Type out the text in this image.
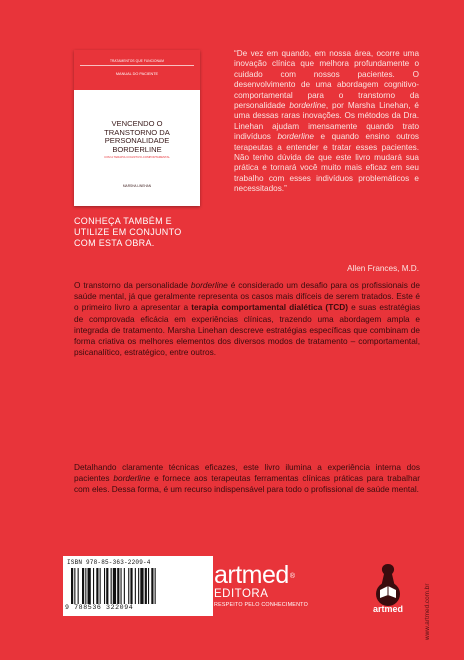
TRATAMENTOS QUE FUNCIONAM
MANUAL DO PACIENTE
VENCENDO O
TRANSTORNO DA
PERSONALIDADE
BORDERLINE
COM A TERAPIA COGNITIVO-COMPORTAMENTAL
MARSHA LINEHAN
CONHEÇA TAMBÉM E
UTILIZE EM CONJUNTO
COM ESTA OBRA.
“De vez em quando, em nossa área, ocorre uma inovação clínica que melhora profundamente o cuidado com nossos pacientes. O desenvolvimento de uma abordagem cognitivo-comportamental para o transtorno da personalidade borderline, por Marsha Linehan, é uma dessas raras inovações. Os métodos da Dra. Linehan ajudam imensamente quando trato indivíduos borderline e quando ensino outros terapeutas a entender e tratar esses pacientes. Não tenho dúvida de que este livro mudará sua prática e tornará você muito mais eficaz em seu trabalho com esses indivíduos problemáticos e necessitados.”
Allen Frances, M.D.
O transtorno da personalidade borderline é considerado um desafio para os profissionais de saúde mental, já que geralmente representa os casos mais difíceis de serem tratados. Este é o primeiro livro a apresentar a terapia comportamental dialética (TCD) e suas estratégias de comprovada eficácia em experiências clínicas, trazendo uma abordagem ampla e integrada de tratamento. Marsha Linehan descreve estratégias específicas que combinam de forma criativa os melhores elementos dos diversos modos de tratamento – comportamental, psicanalítico, estratégico, entre outros.
Detalhando claramente técnicas eficazes, este livro ilumina a experiência interna dos pacientes borderline e fornece aos terapeutas ferramentas clínicas práticas para trabalhar com eles. Dessa forma, é um recurso indispensável para todo o profissional de saúde mental.
ISBN 978-85-363-2209-4
9 788536 322094
artmed ®
EDITORA
RESPEITO PELO CONHECIMENTO	artmed	www.artmed.com.br
